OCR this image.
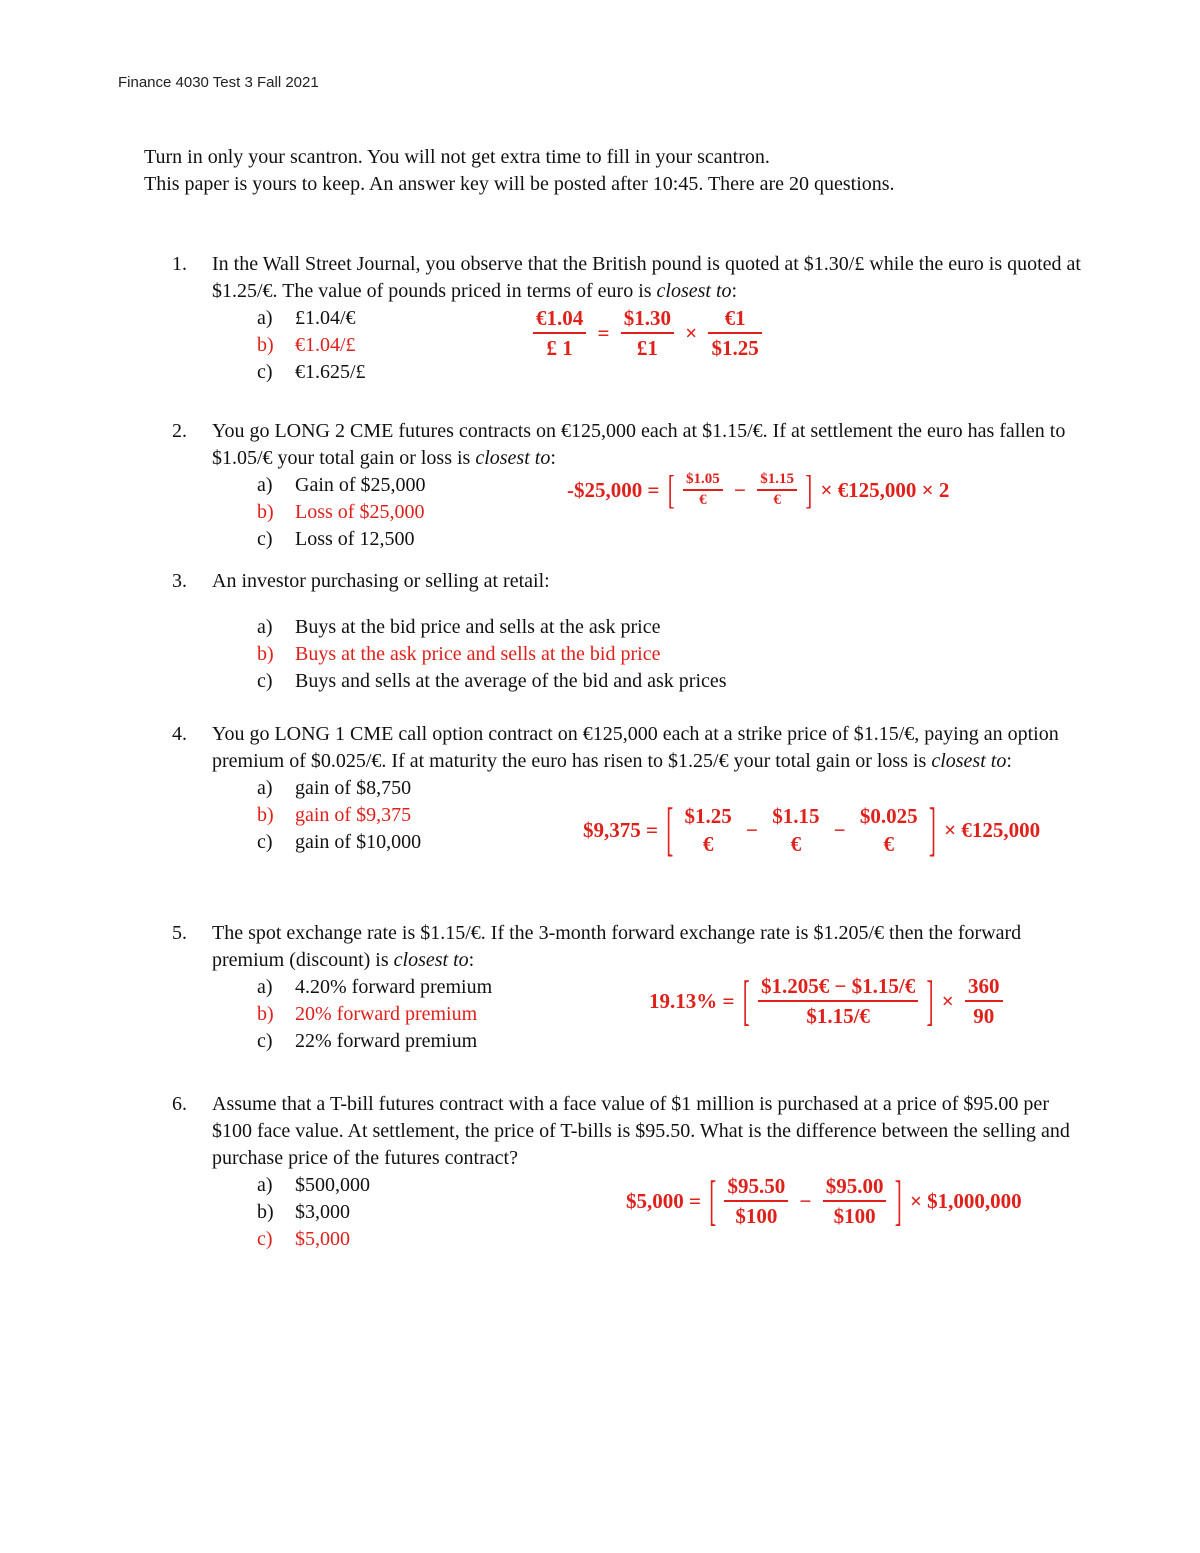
Finance 4030 Test 3 Fall 2021
Turn in only your scantron. You will not get extra time to fill in your scantron.
This paper is yours to keep. An answer key will be posted after 10:45. There are 20 questions.
1. In the Wall Street Journal, you observe that the British pound is quoted at $1.30/£ while the euro is quoted at $1.25/€. The value of pounds priced in terms of euro is closest to:
a) £1.04/€
b) €1.04/£
c) €1.625/£
$\frac{€1.04}{£ 1} = \frac{\$1.30}{£1} \times \frac{€1}{\$1.25}$
2. You go LONG 2 CME futures contracts on €125,000 each at $1.15/€. If at settlement the euro has fallen to $1.05/€ your total gain or loss is closest to:
a) Gain of $25,000
b) Loss of $25,000
c) Loss of 12,500
-$25,000 = [ $\frac{\$1.05}{€} - \frac{\$1.15}{€}$ ] × €125,000 × 2
3. An investor purchasing or selling at retail:
a) Buys at the bid price and sells at the ask price
b) Buys at the ask price and sells at the bid price
c) Buys and sells at the average of the bid and ask prices
4. You go LONG 1 CME call option contract on €125,000 each at a strike price of $1.15/€, paying an option premium of $0.025/€. If at maturity the euro has risen to $1.25/€ your total gain or loss is closest to:
a) gain of $8,750
b) gain of $9,375
c) gain of $10,000
$9,375 = [ $1.25
€
−
$1.15
€
−
$0.025
€	] × €125,000
5. The spot exchange rate is $1.15/€. If the 3-month forward exchange rate is $1.205/€ then the forward premium (discount) is closest to:
a) 4.20% forward premium
b) 20% forward premium
c) 22% forward premium
19.13% = [ $\frac{\$1.205€ - \$1.15/€}{\$1.15/€}$ ] × $\frac{360}{90}$
6. Assume that a T-bill futures contract with a face value of $1 million is purchased at a price of $95.00 per $100 face value. At settlement, the price of T-bills is $95.50. What is the difference between the selling and purchase price of the futures contract?
a) $500,000
b) $3,000
c) $5,000
$5,000 = [ $\frac{\$95.50}{\$100} - \frac{\$95.00}{\$100}$ ] × $1,000,000
